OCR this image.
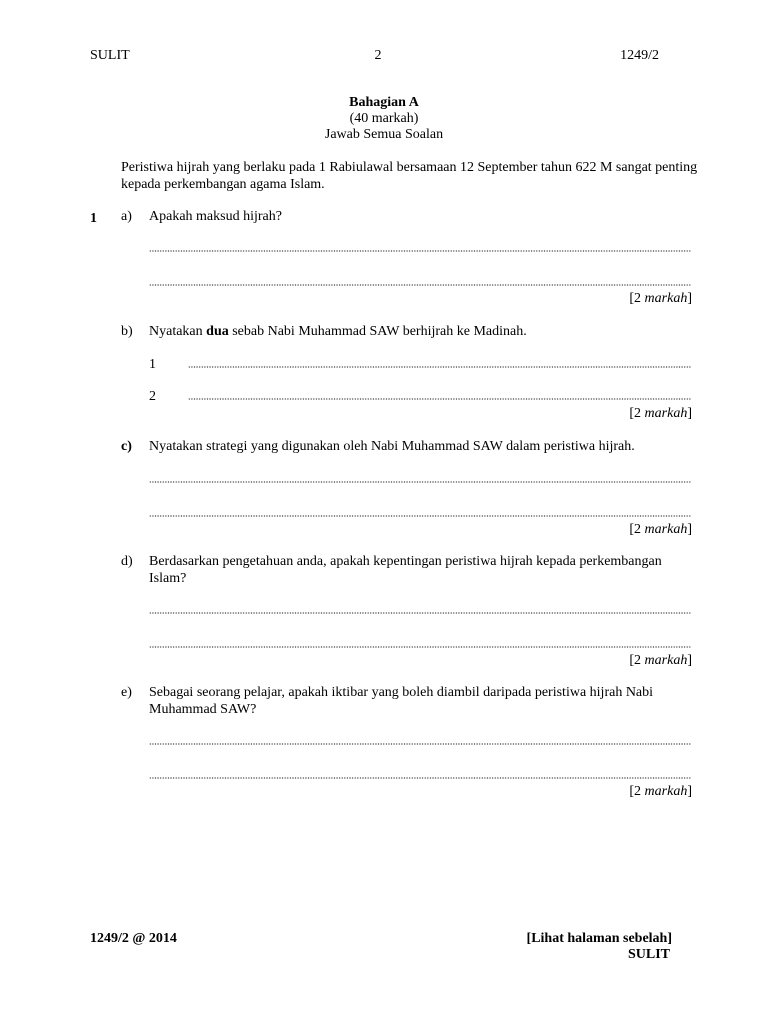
SULIT	2	1249/2
Bahagian A
(40 markah)
Jawab Semua Soalan
Peristiwa hijrah yang berlaku pada 1 Rabiulawal bersamaan 12 September tahun 622 M sangat penting
kepada perkembangan agama Islam.
1 a) Apakah maksud hijrah?
[2 markah]
b) Nyatakan dua sebab Nabi Muhammad SAW berhijrah ke Madinah.
1
2
[2 markah]
c) Nyatakan strategi yang digunakan oleh Nabi Muhammad SAW dalam peristiwa hijrah.
[2 markah]
d) Berdasarkan pengetahuan anda, apakah kepentingan peristiwa hijrah kepada perkembangan
Islam?
[2 markah]
e) Sebagai seorang pelajar, apakah iktibar yang boleh diambil daripada peristiwa hijrah Nabi
Muhammad SAW?
[2 markah]
1249/2 @ 2014	[Lihat halaman sebelah]
SULIT
